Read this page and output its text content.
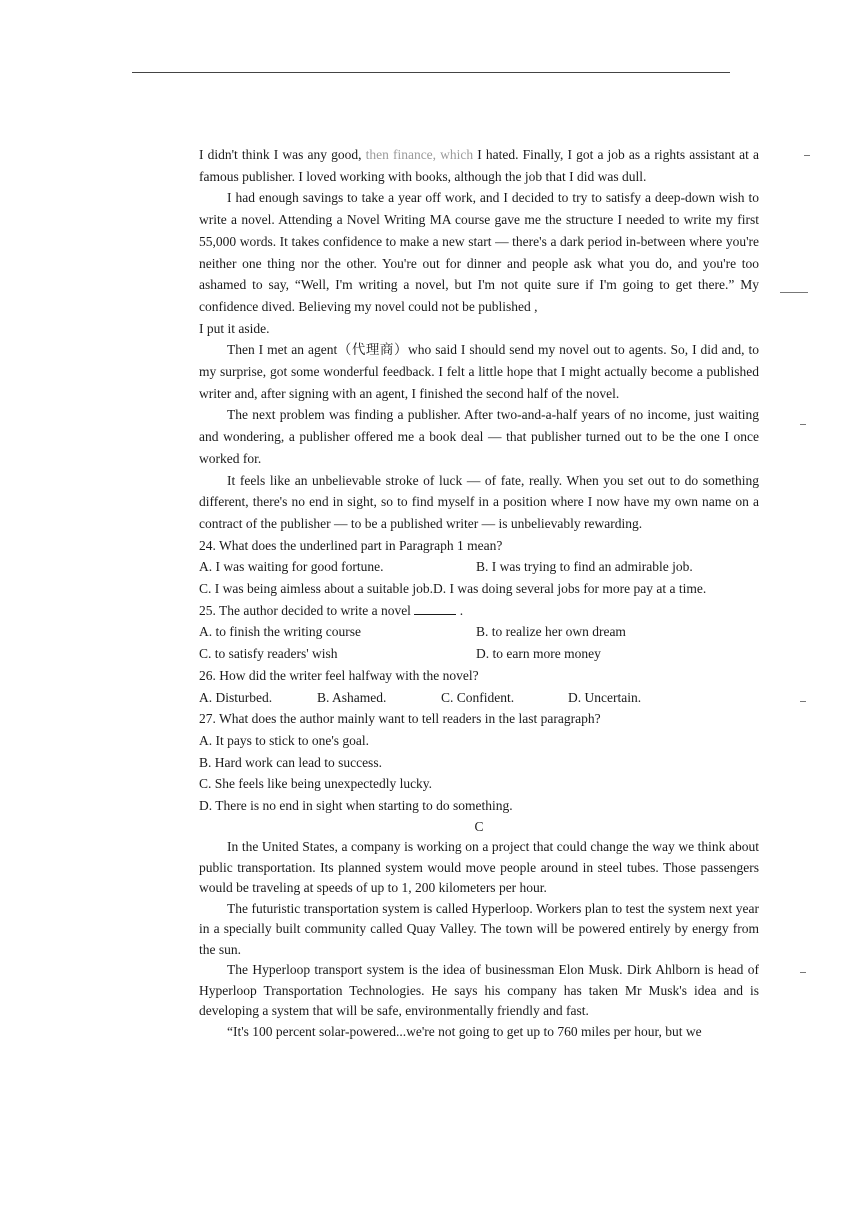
I didn't think I was any good, then finance, which I hated. Finally, I got a job as a rights assistant at a famous publisher. I loved working with books, although the job that I did was dull.

I had enough savings to take a year off work, and I decided to try to satisfy a deep-down wish to write a novel. Attending a Novel Writing MA course gave me the structure I needed to write my first 55,000 words. It takes confidence to make a new start — there's a dark period in-between where you're neither one thing nor the other. You're out for dinner and people ask what you do, and you're too ashamed to say, “Well, I'm writing a novel, but I'm not quite sure if I'm going to get there.” My confidence dived. Believing my novel could not be published ,

I put it aside.

Then I met an agent（代理商）who said I should send my novel out to agents. So, I did and, to my surprise, got some wonderful feedback. I felt a little hope that I might actually become a published writer and, after signing with an agent, I finished the second half of the novel.

The next problem was finding a publisher. After two-and-a-half years of no income, just waiting and wondering, a publisher offered me a book deal — that publisher turned out to be the one I once worked for.

It feels like an unbelievable stroke of luck — of fate, really. When you set out to do something different, there's no end in sight, so to find myself in a position where I now have my own name on a contract of the publisher — to be a published writer — is unbelievably rewarding.

24. What does the underlined part in Paragraph 1 mean?

A. I was waiting for good fortune.	B. I was trying to find an admirable job.

C. I was being aimless about a suitable job.D. I was doing several jobs for more pay at a time.

25. The author decided to write a novel	.

A. to finish the writing course	B. to realize her own dream

C. to satisfy readers' wish	D. to earn more money

26. How did the writer feel halfway with the novel?

A. Disturbed.	B. Ashamed.	C. Confident.	D. Uncertain.

27. What does the author mainly want to tell readers in the last paragraph?

A. It pays to stick to one's goal.

B. Hard work can lead to success.

C. She feels like being unexpectedly lucky.

D. There is no end in sight when starting to do something.

C

In the United States, a company is working on a project that could change the way we think about public transportation. Its planned system would move people around in steel tubes. Those passengers would be traveling at speeds of up to 1, 200 kilometers per hour.

The futuristic transportation system is called Hyperloop. Workers plan to test the system next year in a specially built community called Quay Valley. The town will be powered entirely by energy from the sun.

The Hyperloop transport system is the idea of businessman Elon Musk. Dirk Ahlborn is head of Hyperloop Transportation Technologies. He says his company has taken Mr Musk's idea and is developing a system that will be safe, environmentally friendly and fast.

“It's 100 percent solar-powered...we're not going to get up to 760 miles per hour, but we
